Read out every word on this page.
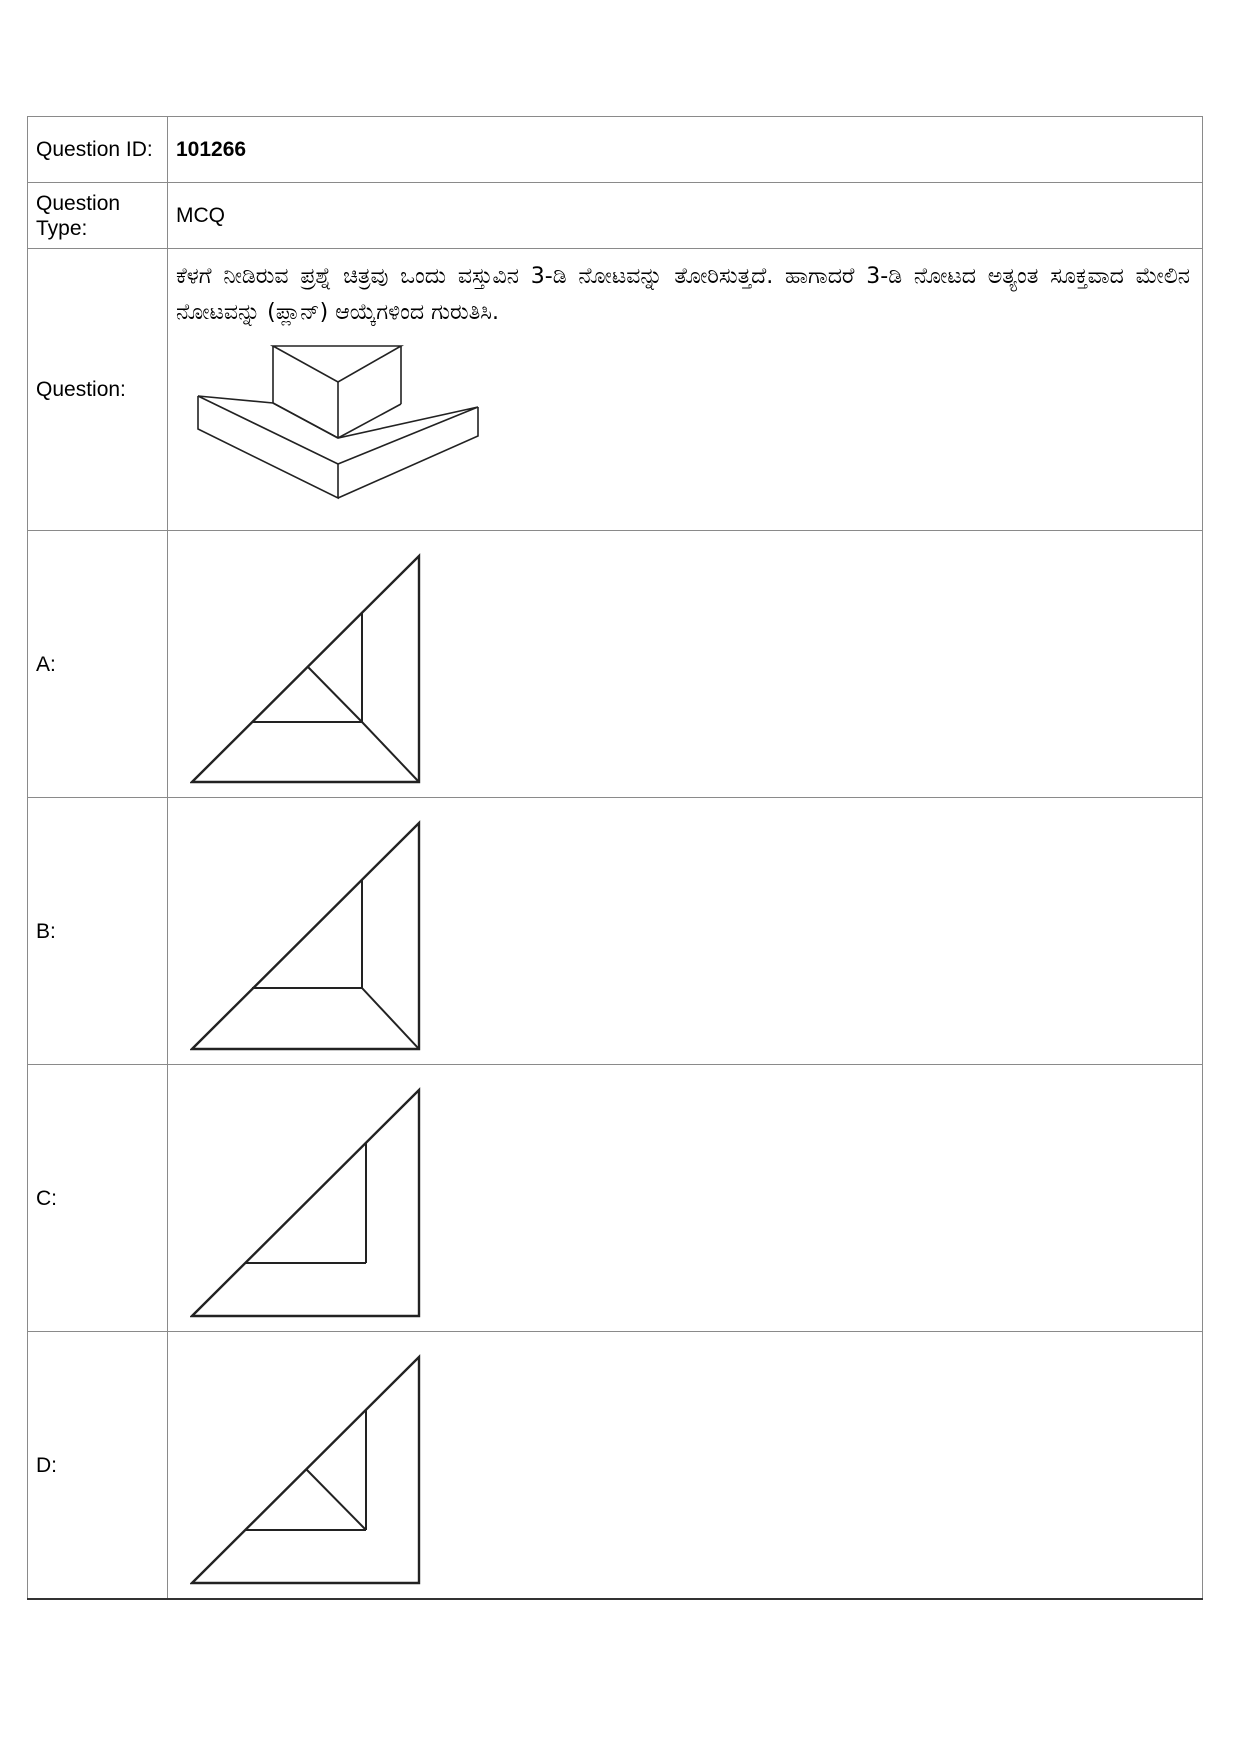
Question ID:	101266
Question Type:	MCQ
Question:	ಕೆಳಗೆ ನೀಡಿರುವ ಪ್ರಶ್ನೆ ಚಿತ್ರವು ಒಂದು ವಸ್ತುವಿನ 3-ಡಿ ನೋಟವನ್ನು ತೋರಿಸುತ್ತದೆ. ಹಾಗಾದರೆ 3-ಡಿ ನೋಟದ ಅತ್ಯಂತ ಸೂಕ್ತವಾದ ಮೇಲಿನ ನೋಟವನ್ನು (ಪ್ಲಾನ್) ಆಯ್ಕೆಗಳಿಂದ ಗುರುತಿಸಿ.

A:	

B:	

C:	

D:	
